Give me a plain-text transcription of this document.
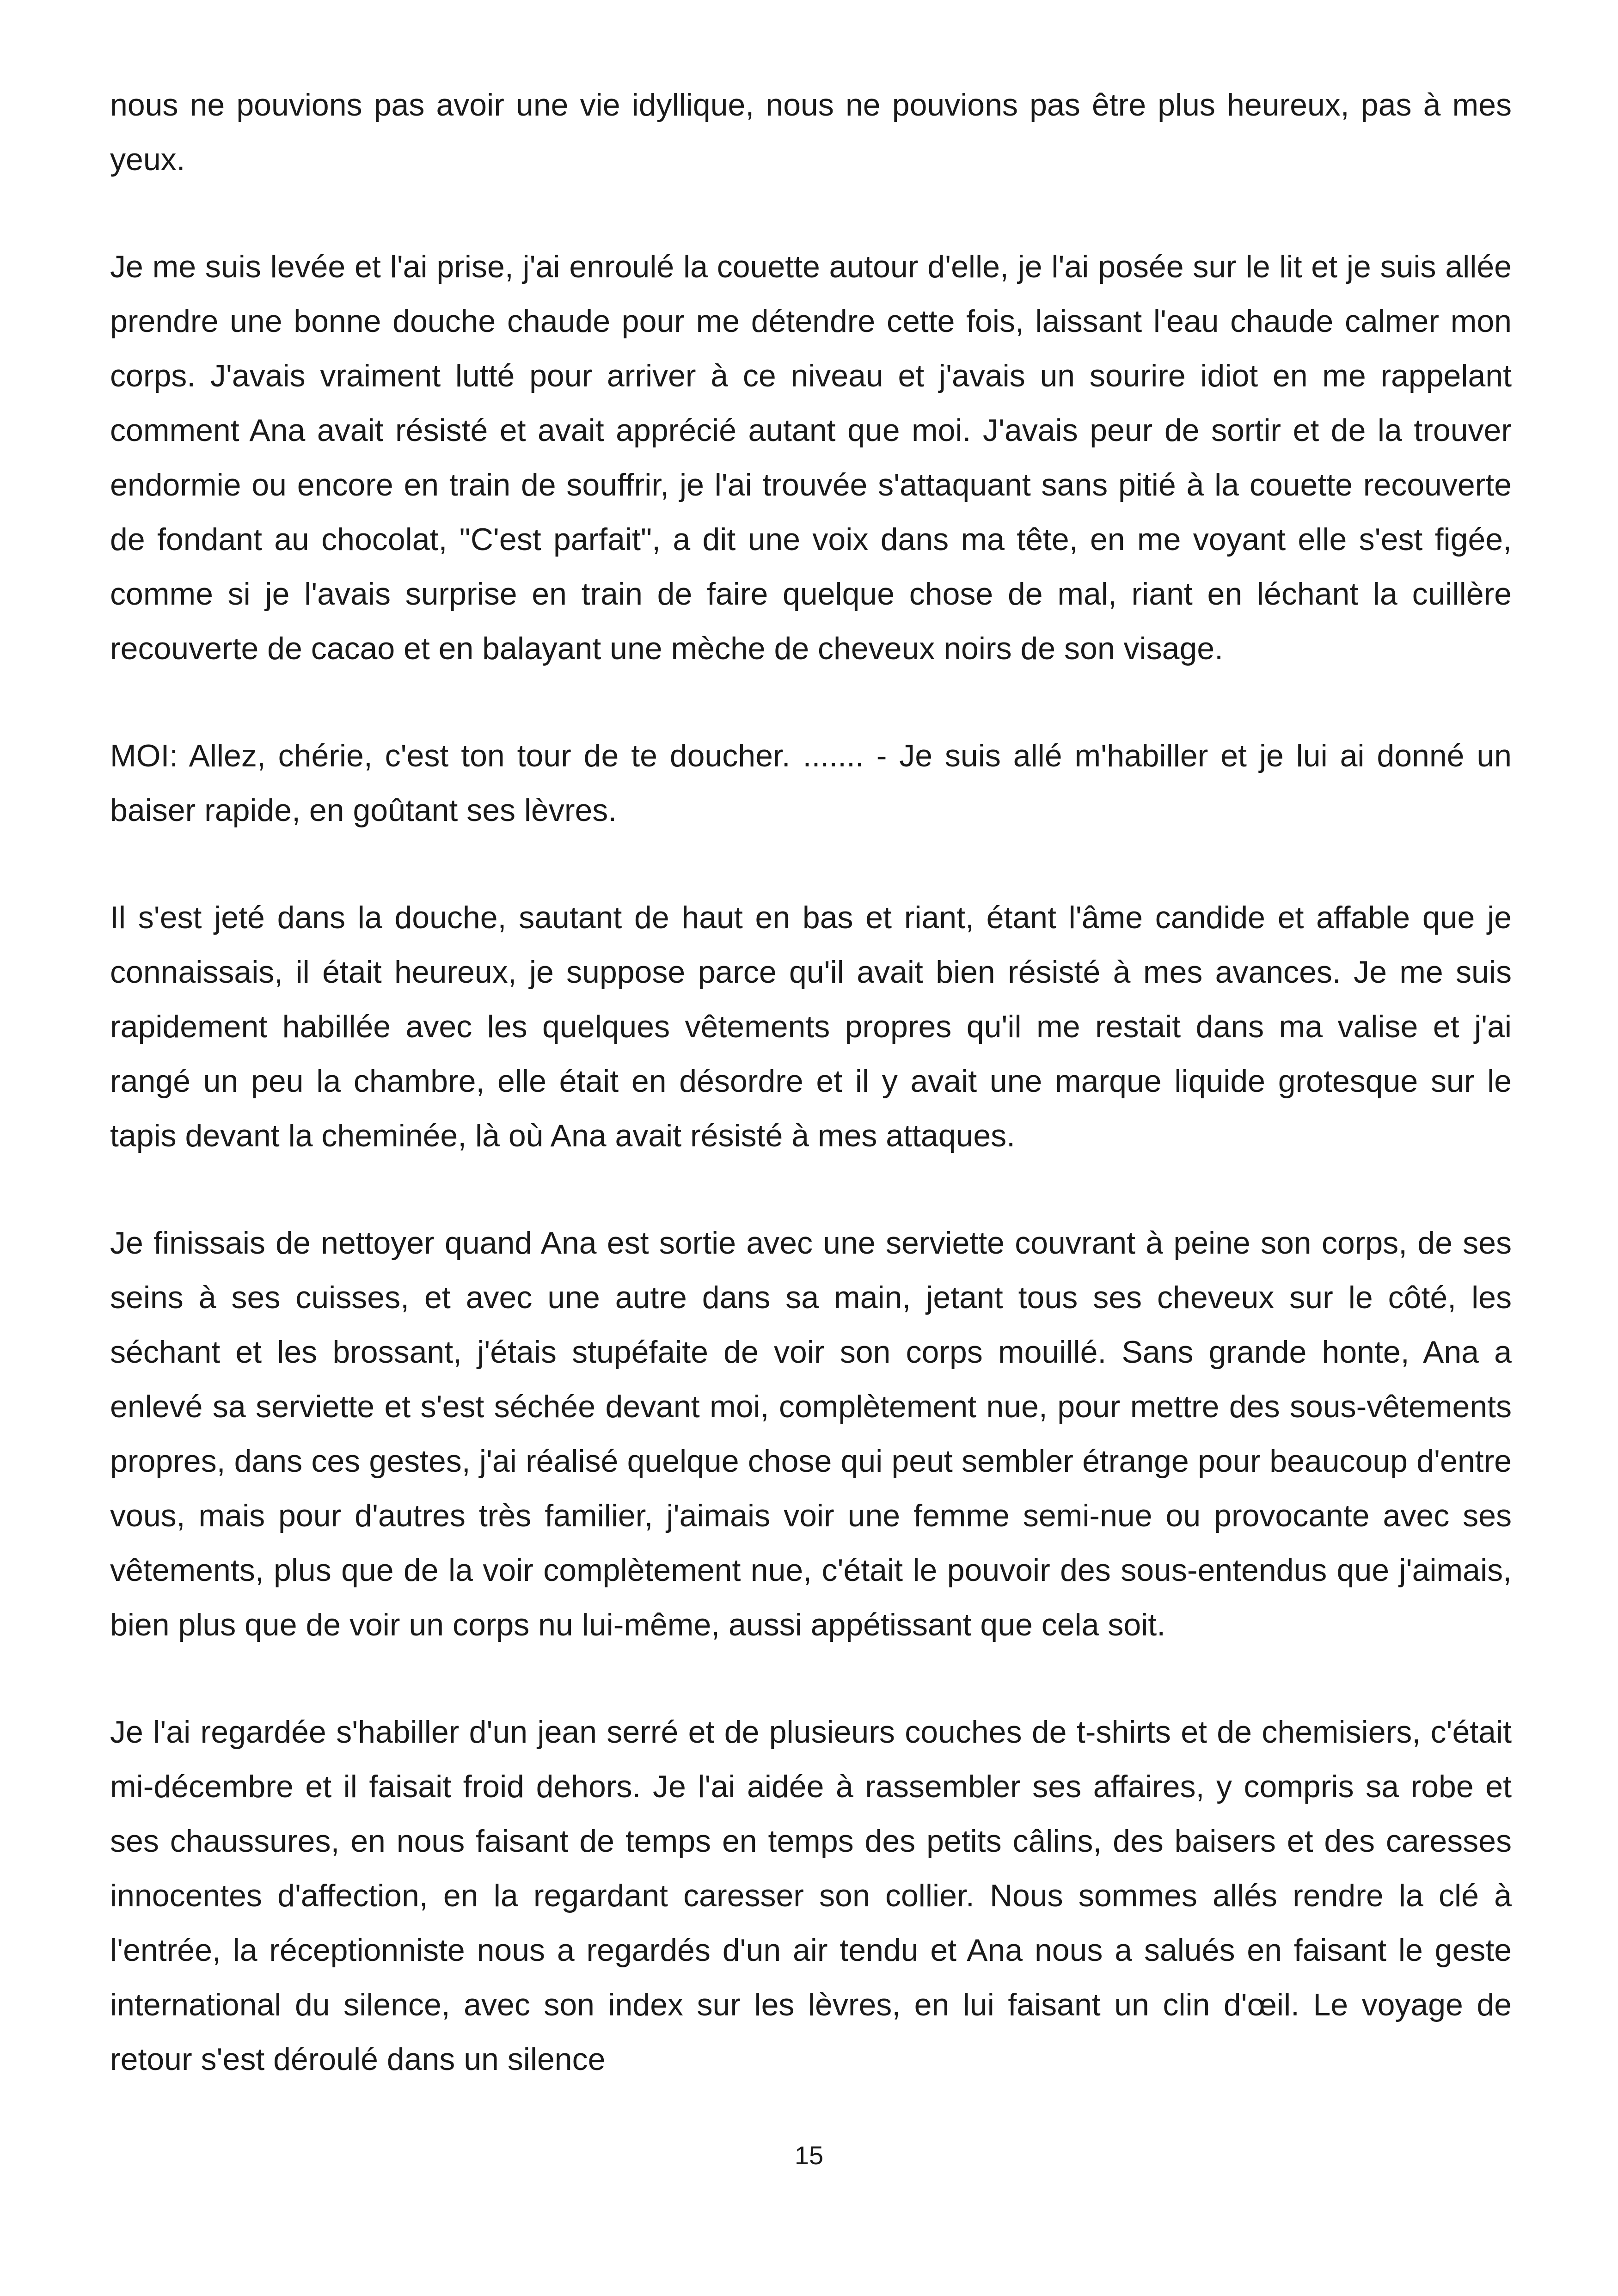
nous ne pouvions pas avoir une vie idyllique, nous ne pouvions pas être plus heureux, pas à mes yeux.

Je me suis levée et l'ai prise, j'ai enroulé la couette autour d'elle, je l'ai posée sur le lit et je suis allée prendre une bonne douche chaude pour me détendre cette fois, laissant l'eau chaude calmer mon corps. J'avais vraiment lutté pour arriver à ce niveau et j'avais un sourire idiot en me rappelant comment Ana avait résisté et avait apprécié autant que moi. J'avais peur de sortir et de la trouver endormie ou encore en train de souffrir, je l'ai trouvée s'attaquant sans pitié à la couette recouverte de fondant au chocolat, "C'est parfait", a dit une voix dans ma tête, en me voyant elle s'est figée, comme si je l'avais surprise en train de faire quelque chose de mal, riant en léchant la cuillère recouverte de cacao et en balayant une mèche de cheveux noirs de son visage.

MOI: Allez, chérie, c'est ton tour de te doucher. ....... - Je suis allé m'habiller et je lui ai donné un baiser rapide, en goûtant ses lèvres.

Il s'est jeté dans la douche, sautant de haut en bas et riant, étant l'âme candide et affable que je connaissais, il était heureux, je suppose parce qu'il avait bien résisté à mes avances. Je me suis rapidement habillée avec les quelques vêtements propres qu'il me restait dans ma valise et j'ai rangé un peu la chambre, elle était en désordre et il y avait une marque liquide grotesque sur le tapis devant la cheminée, là où Ana avait résisté à mes attaques.

Je finissais de nettoyer quand Ana est sortie avec une serviette couvrant à peine son corps, de ses seins à ses cuisses, et avec une autre dans sa main, jetant tous ses cheveux sur le côté, les séchant et les brossant, j'étais stupéfaite de voir son corps mouillé. Sans grande honte, Ana a enlevé sa serviette et s'est séchée devant moi, complètement nue, pour mettre des sous-vêtements propres, dans ces gestes, j'ai réalisé quelque chose qui peut sembler étrange pour beaucoup d'entre vous, mais pour d'autres très familier, j'aimais voir une femme semi-nue ou provocante avec ses vêtements, plus que de la voir complètement nue, c'était le pouvoir des sous-entendus que j'aimais, bien plus que de voir un corps nu lui-même, aussi appétissant que cela soit.

Je l'ai regardée s'habiller d'un jean serré et de plusieurs couches de t-shirts et de chemisiers, c'était mi-décembre et il faisait froid dehors. Je l'ai aidée à rassembler ses affaires, y compris sa robe et ses chaussures, en nous faisant de temps en temps des petits câlins, des baisers et des caresses innocentes d'affection, en la regardant caresser son collier. Nous sommes allés rendre la clé à l'entrée, la réceptionniste nous a regardés d'un air tendu et Ana nous a salués en faisant le geste international du silence, avec son index sur les lèvres, en lui faisant un clin d'œil. Le voyage de retour s'est déroulé dans un silence

15
